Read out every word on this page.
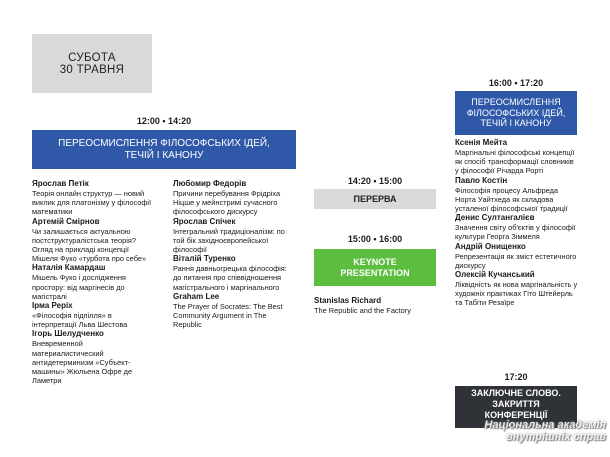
СУБОТА
30 ТРАВНЯ
12:00 • 14:20
ПЕРЕОСМИСЛЕННЯ ФІЛОСОФСЬКИХ ІДЕЙ, ТЕЧІЙ І КАНОНУ
Ярослав Петік
Теорія онлайн структур — новий виклик для платонізму у філософії математики
Артемій Смірнов
Чи залишається актуальною постструктуралістська теорія? Огляд на прикладі концепції Мішеля Фуко «турбота про себе»
Наталія Камардаш
Мішель Фуко і дослідження простору: від маргінесів до магістралі
Ірма Реріх
«Філософія підпілля» в інтерпретації Льва Шестова
Ігорь Шелудченко
Вневременной материалистический антидетерминизм «Субъект-машины» Жюльена Офре де Ламетри
Любомир Федорів
Причини перебування Фрідріха Ніцше у мейнстримі сучасного філософського дискурсу
Ярослав Спічек
Інтегральний традиціоналізм: по той бік західноєвропейської філософії
Віталій Туренко
Рання давньогрецька філософія: до питання про співвідношення магістрального і маргінального
Graham Lee
The Prayer of Socrates: The Best Community Argument in The Republic
14:20 • 15:00
ПЕРЕРВА
15:00 • 16:00
KEYNOTE PRESENTATION
Stanislas Richard
The Republic and the Factory
16:00 • 17:20
ПЕРЕОСМИСЛЕННЯ ФІЛОСОФСЬКИХ ІДЕЙ, ТЕЧІЙ І КАНОНУ
Ксенія Мейта
Маргінальні філософські концепції як спосіб трансформації словників у філософії Річарда Рорті
Павло Костін
Філософія процесу Альфреда Норта Уайтхеда як складова усталеної філософської традиції
Денис Султангалієв
Значення світу об'єктів у філософії культури Георга Зіммеля
Андрій Онищенко
Репрезентація як зміст естетичного дискурсу
Олексій Кучанський
Ліквідність як нова маргінальність у художніх практиках Гіто Штейерль та Табіти Резаїре
17:20
ЗАКЛЮЧНЕ СЛОВО. ЗАКРИТТЯ КОНФЕРЕНЦІЇ
Національна академія
внутрішніх справ
